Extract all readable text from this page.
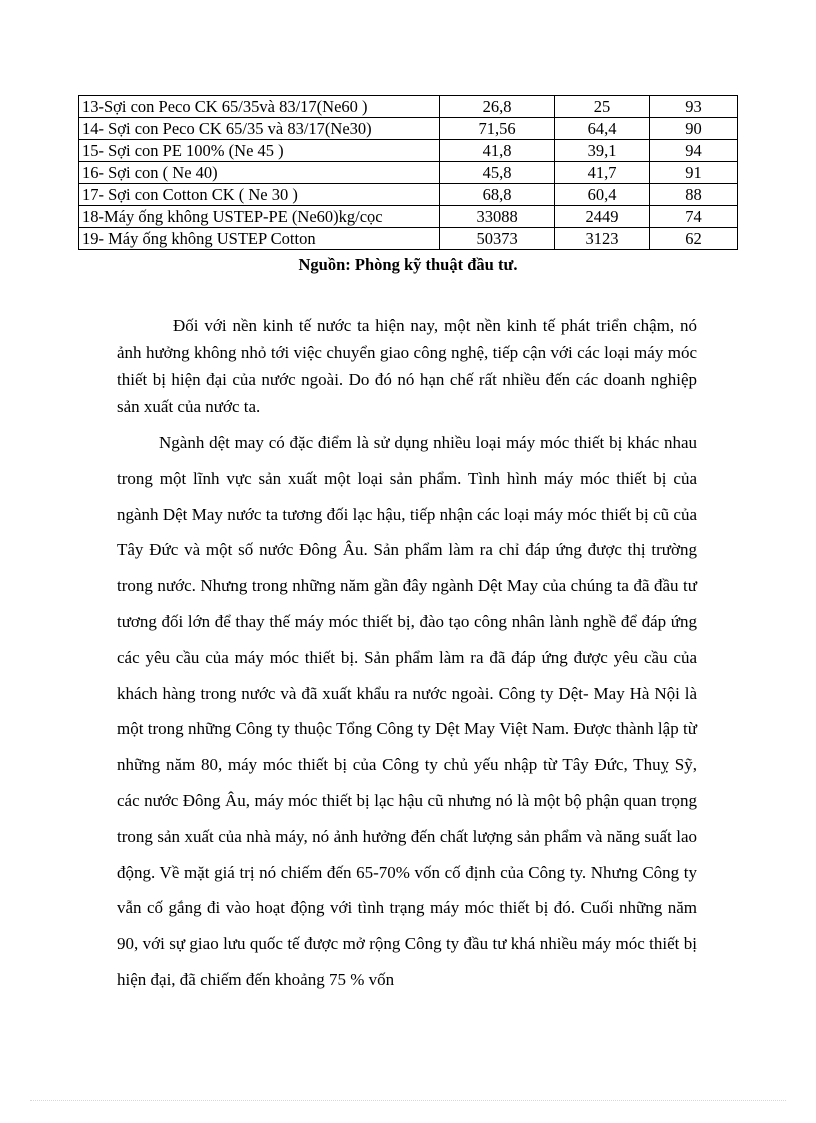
13-Sợi con Peco CK 65/35và 83/17(Ne60 )	26,8	25	93
14- Sợi con Peco CK 65/35 và 83/17(Ne30)	71,56	64,4	90
15- Sợi con PE 100% (Ne 45 )	41,8	39,1	94
16- Sợi con ( Ne 40)	45,8	41,7	91
17- Sợi con Cotton CK ( Ne 30 )	68,8	60,4	88
18-Máy ống không USTEP-PE (Ne60)kg/cọc	33088	2449	74
19- Máy ống không USTEP Cotton	50373	3123	62
Nguồn: Phòng kỹ thuật đầu tư.

Đối với nền kinh tế nước ta hiện nay, một nền kinh tế phát triển chậm, nó ảnh hưởng không nhỏ tới việc chuyển giao công nghệ, tiếp cận với các loại máy móc thiết bị hiện đại của nước ngoài. Do đó nó hạn chế rất nhiều đến các doanh nghiệp sản xuất của nước ta.

Ngành dệt may có đặc điểm là sử dụng nhiều loại máy móc thiết bị khác nhau trong một lĩnh vực sản xuất một loại sản phẩm. Tình hình máy móc thiết bị của ngành Dệt May nước ta tương đối lạc hậu, tiếp nhận các loại máy móc thiết bị cũ của Tây Đức và một số nước Đông Âu. Sản phẩm làm ra chỉ đáp ứng được thị trường trong nước. Nhưng trong những năm gần đây ngành Dệt May của chúng ta đã đầu tư tương đối lớn để thay thế máy móc thiết bị, đào tạo công nhân lành nghề để đáp ứng các yêu cầu của máy móc thiết bị. Sản phẩm làm ra đã đáp ứng được yêu cầu của khách hàng trong nước và đã xuất khẩu ra nước ngoài. Công ty Dệt- May Hà Nội là một trong những Công ty thuộc Tổng Công ty Dệt May Việt Nam. Được thành lập từ những năm 80, máy móc thiết bị của Công ty chủ yếu nhập từ Tây Đức, Thuỵ Sỹ, các nước Đông Âu, máy móc thiết bị lạc hậu cũ nhưng nó là một bộ phận quan trọng trong sản xuất của nhà máy, nó ảnh hưởng đến chất lượng sản phẩm và năng suất lao động. Về mặt giá trị nó chiếm đến 65-70% vốn cố định của Công ty. Nhưng Công ty vẫn cố gắng đi vào hoạt động với tình trạng máy móc thiết bị đó. Cuối những năm 90, với sự giao lưu quốc tế được mở rộng Công ty đầu tư khá nhiều máy móc thiết bị hiện đại, đã chiếm đến khoảng 75 % vốn
